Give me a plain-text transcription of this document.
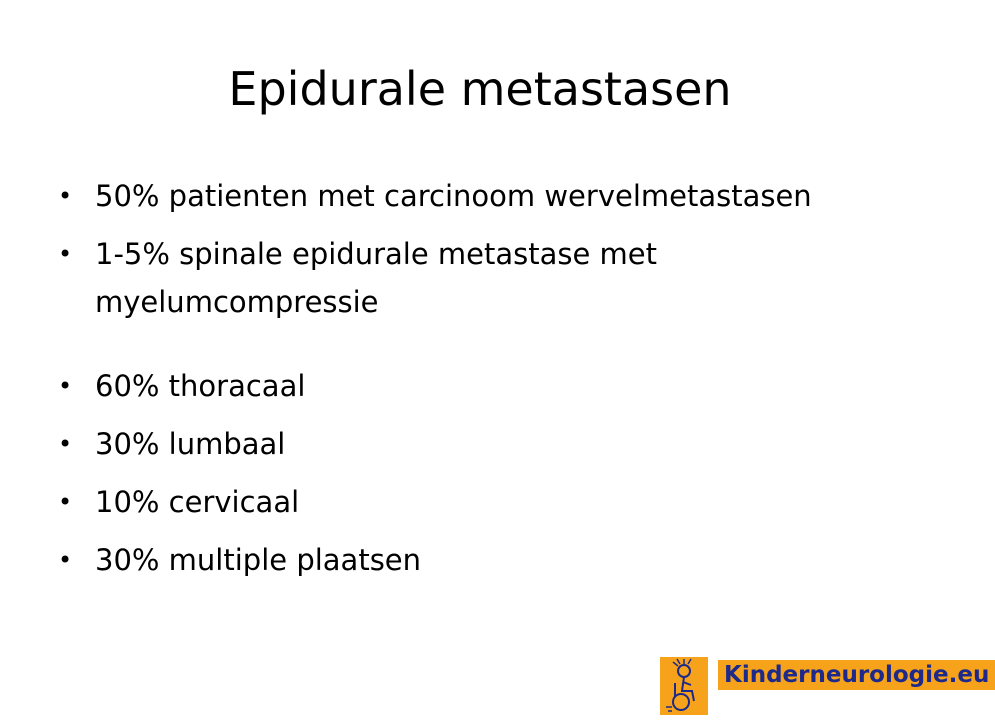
Epidurale metastasen
• 50% patienten met carcinoom wervelmetastasen
• 1-5% spinale epidurale metastase met
myelumcompressie
• 60% thoracaal
• 30% lumbaal
• 10% cervicaal
• 30% multiple plaatsen
Kinderneurologie.eu
